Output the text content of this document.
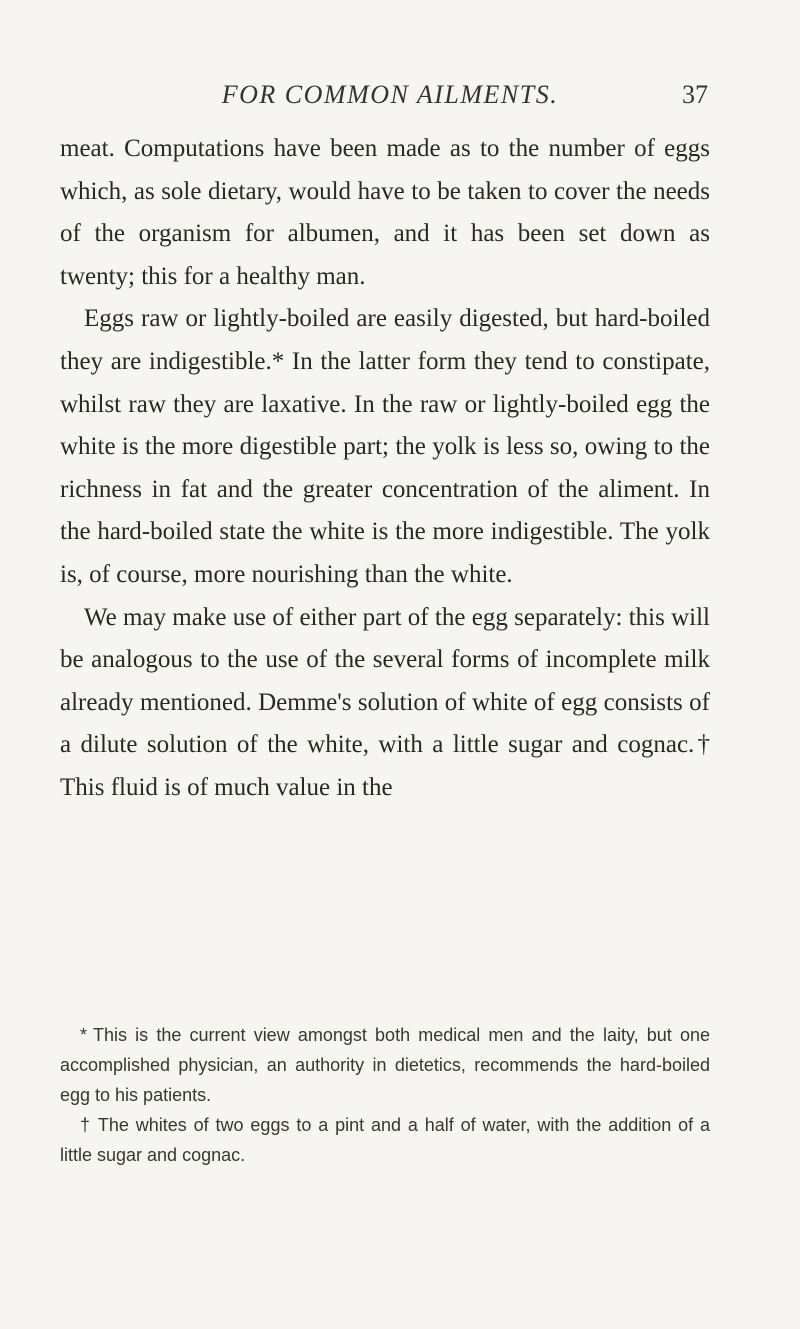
FOR COMMON AILMENTS.	37

meat. Computations have been made as to the number of eggs which, as sole dietary, would have to be taken to cover the needs of the organism for albumen, and it has been set down as twenty; this for a healthy man.

Eggs raw or lightly-boiled are easily digested, but hard-boiled they are indigestible.* In the latter form they tend to constipate, whilst raw they are laxative. In the raw or lightly-boiled egg the white is the more digestible part; the yolk is less so, owing to the richness in fat and the greater concentration of the aliment. In the hard-boiled state the white is the more indigestible. The yolk is, of course, more nourishing than the white.

We may make use of either part of the egg separately: this will be analogous to the use of the several forms of incomplete milk already mentioned. Demme's solution of white of egg consists of a dilute solution of the white, with a little sugar and cognac.† This fluid is of much value in the

* This is the current view amongst both medical men and the laity, but one accomplished physician, an authority in dietetics, recommends the hard-boiled egg to his patients.

† The whites of two eggs to a pint and a half of water, with the addition of a little sugar and cognac.
